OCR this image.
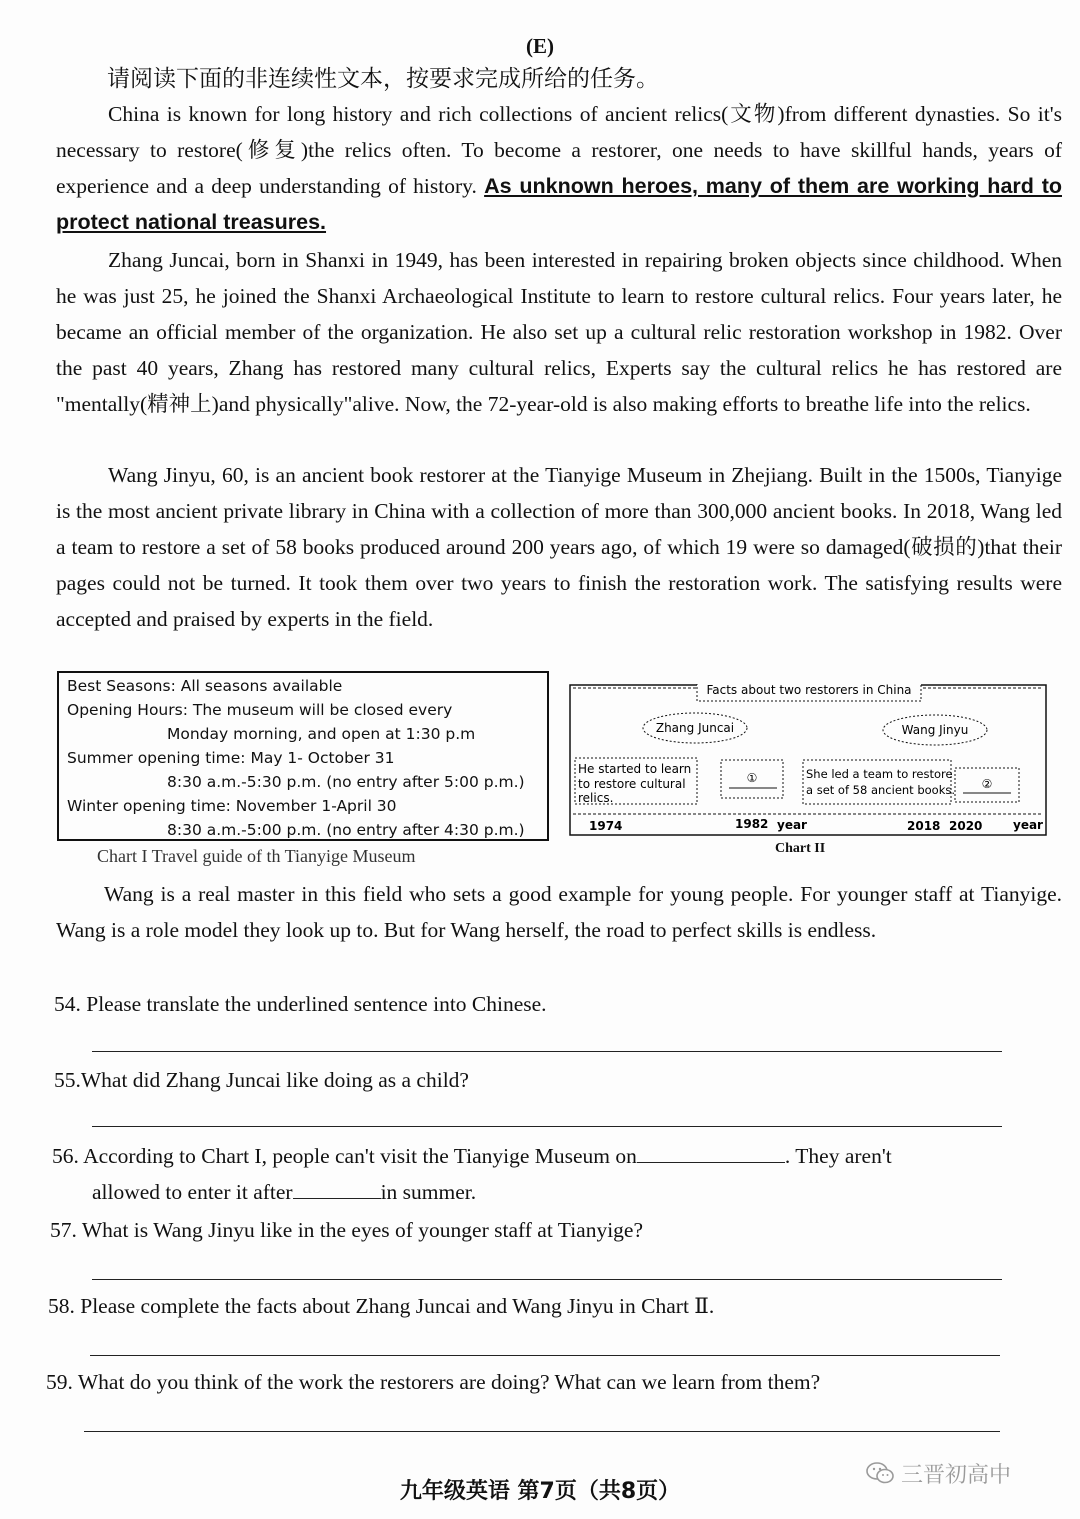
(E)
请阅读下面的非连续性文本，按要求完成所给的任务。
China is known for long history and rich collections of ancient relics(文物)from different dynasties. So it's necessary to restore(修复)the relics often. To become a restorer, one needs to have skillful hands, years of experience and a deep understanding of history. As unknown heroes, many of them are working hard to protect national treasures.
Zhang Juncai, born in Shanxi in 1949, has been interested in repairing broken objects since childhood. When he was just 25, he joined the Shanxi Archaeological Institute to learn to restore cultural relics. Four years later, he became an official member of the organization. He also set up a cultural relic restoration workshop in 1982. Over the past 40 years, Zhang has restored many cultural relics, Experts say the cultural relics he has restored are "mentally(精神上)and physically"alive. Now, the 72-year-old is also making efforts to breathe life into the relics.
Wang Jinyu, 60, is an ancient book restorer at the Tianyige Museum in Zhejiang. Built in the 1500s, Tianyige is the most ancient private library in China with a collection of more than 300,000 ancient books. In 2018, Wang led a team to restore a set of 58 books produced around 200 years ago, of which 19 were so damaged(破损的)that their pages could not be turned. It took them over two years to finish the restoration work. The satisfying results were accepted and praised by experts in the field.
Best Seasons: All seasons available
Opening Hours: The museum will be closed every
Monday morning, and open at 1:30 p.m
Summer opening time: May 1- October 31
8:30 a.m.-5:30 p.m. (no entry after 5:00 p.m.)
Winter opening time: November 1-April 30
8:30 a.m.-5:00 p.m. (no entry after 4:30 p.m.)
Chart I Travel guide of th Tianyige Museum
Facts about two restorers in China
Zhang Juncai	Wang Jinyu
He started to learn
to restore cultural
relics.
①	She led a team to restore
a set of 58 ancient books. ②
1974	1982 year	2018 2020	year
Chart II
Wang is a real master in this field who sets a good example for young people. For younger staff at Tianyige. Wang is a role model they look up to. But for Wang herself, the road to perfect skills is endless.
54. Please translate the underlined sentence into Chinese.
55.What did Zhang Juncai like doing as a child?
56. According to Chart I, people can't visit the Tianyige Museum on	. They aren't
allowed to enter it after	in summer.
57. What is Wang Jinyu like in the eyes of younger staff at Tianyige?
58. Please complete the facts about Zhang Juncai and Wang Jinyu in Chart Ⅱ.
59. What do you think of the work the restorers are doing? What can we learn from them?
九年级英语 第7页（共8页）
三晋初高中
